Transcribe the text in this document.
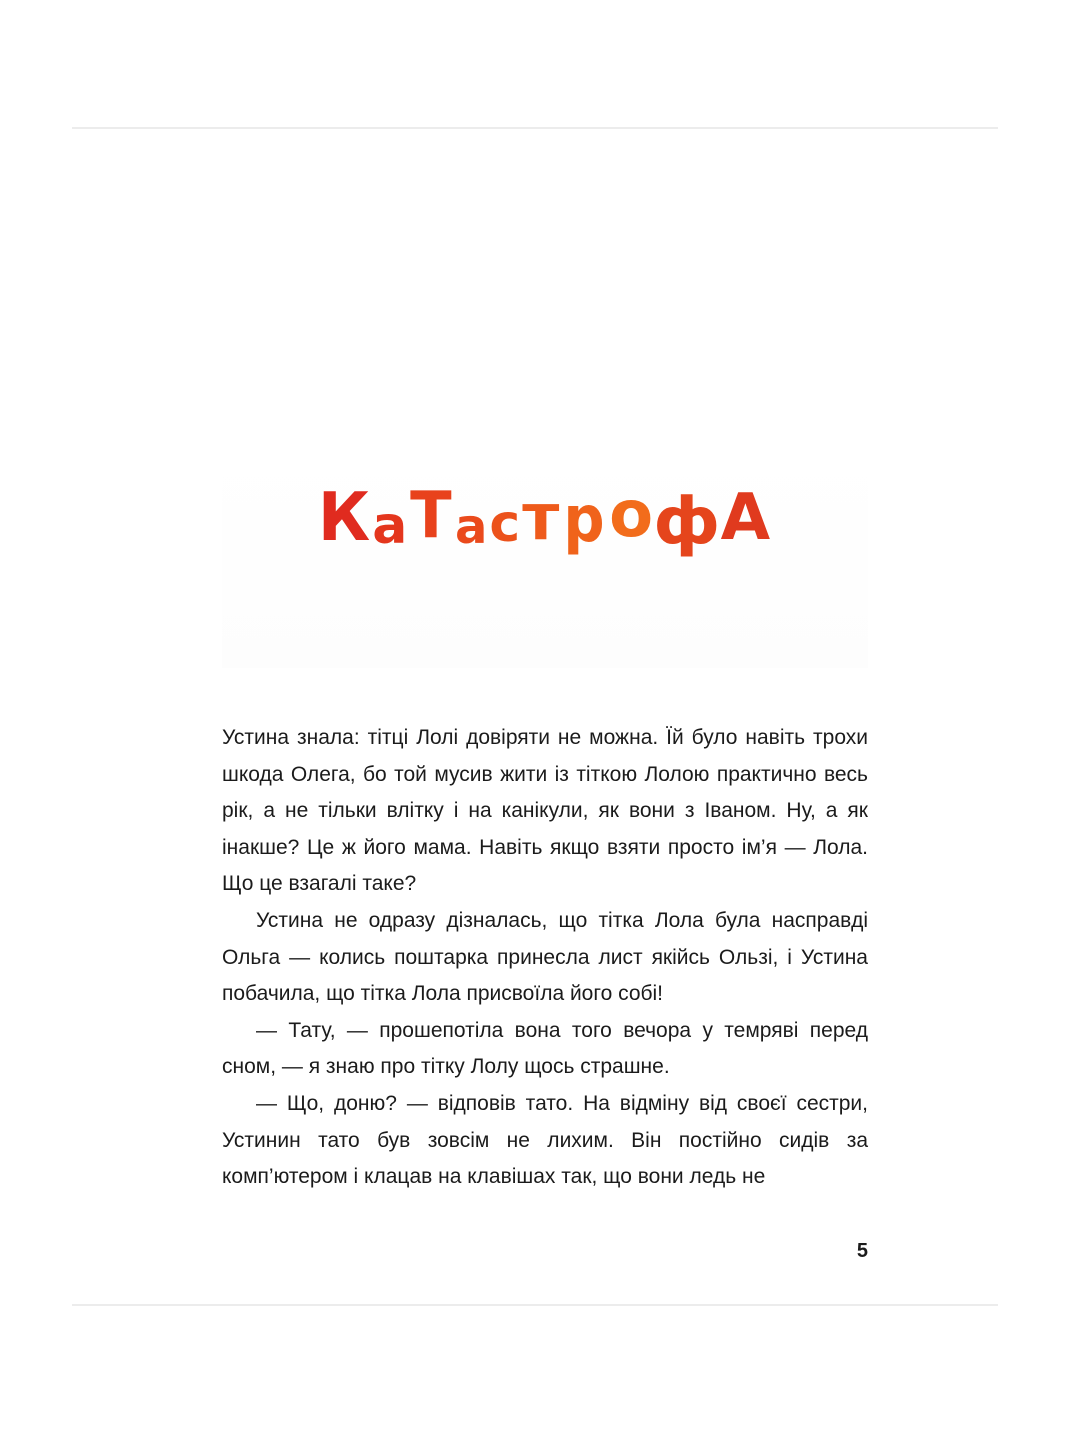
КаТастрофА

Устина знала: тітці Лолі довіряти не можна. Їй було навіть трохи шкода Олега, бо той мусив жити із тіткою Лолою практично весь рік, а не тільки влітку і на канікули, як вони з Іваном. Ну, а як інакше? Це ж його мама. Навіть якщо взяти просто ім’я — Лола. Що це взагалі таке?

Устина не одразу дізналась, що тітка Лола була насправді Ольга — колись поштарка принесла лист якійсь Ользі, і Устина побачила, що тітка Лола присвоїла його собі!

— Тату, — прошепотіла вона того вечора у темряві перед сном, — я знаю про тітку Лолу щось страшне.

— Що, доню? — відповів тато. На відміну від своєї сестри, Устинин тато був зовсім не лихим. Він постійно сидів за комп’ютером і клацав на клавішах так, що вони ледь не

5
